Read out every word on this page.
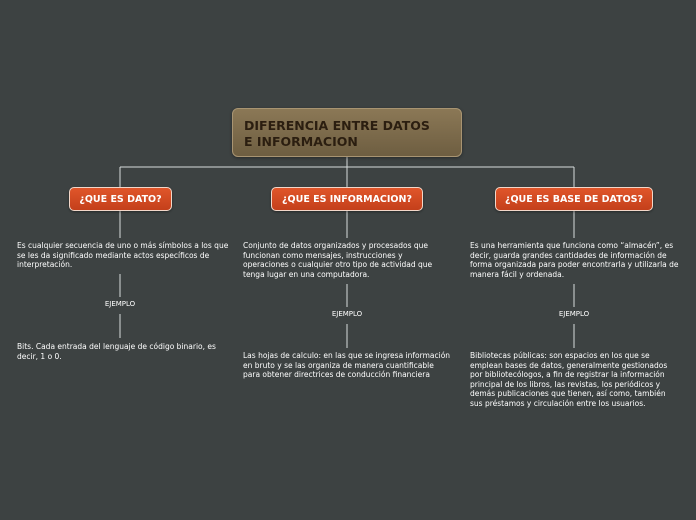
DIFERENCIA ENTRE DATOS
E INFORMACION
¿QUE ES DATO?	¿QUE ES INFORMACION?	¿QUE ES BASE DE DATOS?
Es cualquier secuencia de uno o más símbolos a los que se les da significado mediante actos específicos de interpretación.
Conjunto de datos organizados y procesados que funcionan como mensajes, instrucciones y operaciones o cualquier otro tipo de actividad que tenga lugar en una computadora.
Es una herramienta que funciona como “almacén”, es decir, guarda grandes cantidades de información de forma organizada para poder encontrarla y utilizarla de manera fácil y ordenada.
EJEMPLO
EJEMPLO	EJEMPLO
Bits. Cada entrada del lenguaje de código binario, es decir, 1 o 0.	Las hojas de calculo: en las que se ingresa información en bruto y se las organiza de manera cuantificable para obtener directrices de conducción financiera
Bibliotecas públicas: son espacios en los que se emplean bases de datos, generalmente gestionados por bibliotecólogos, a fin de registrar la información principal de los libros, las revistas, los periódicos y demás publicaciones que tienen, así como, también sus préstamos y circulación entre los usuarios.
